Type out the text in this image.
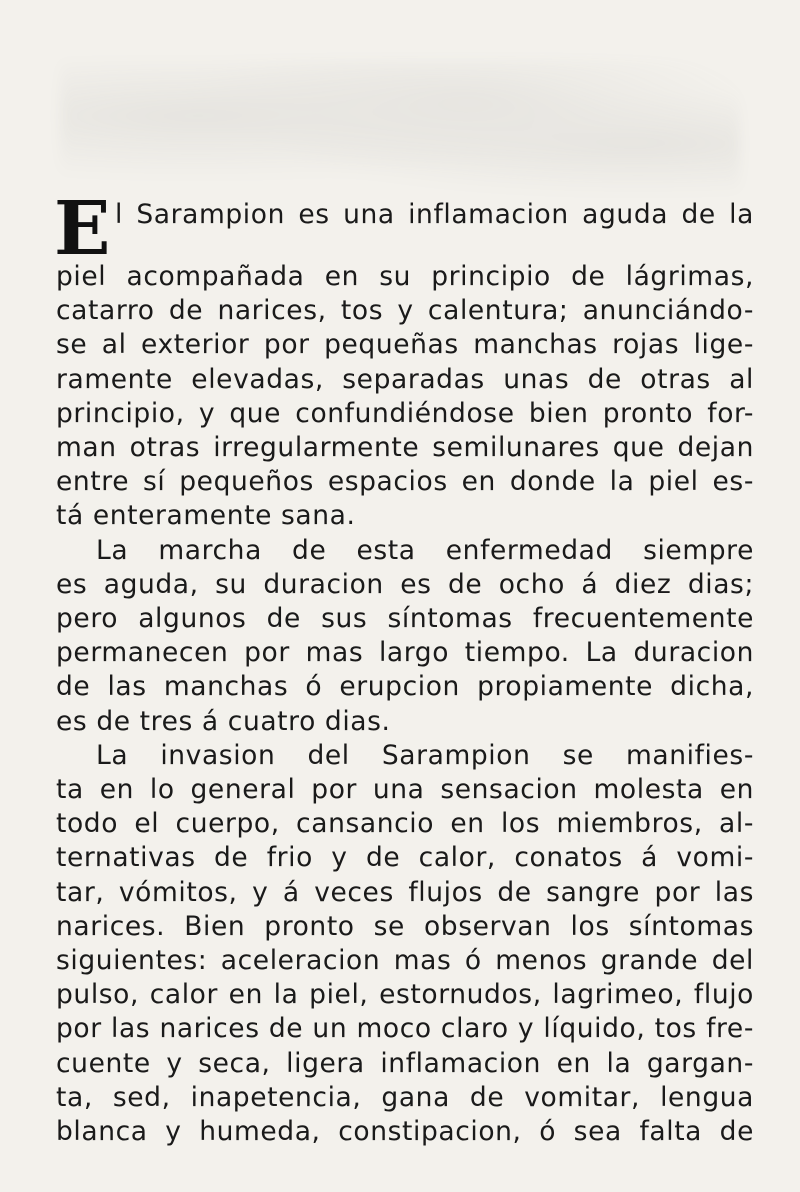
E l Sarampion es una inflamacion aguda de la
piel acompañada en su principio de lágrimas,
catarro de narices, tos y calentura; anunciándo-
se al exterior por pequeñas manchas rojas lige-
ramente elevadas, separadas unas de otras al
principio, y que confundiéndose bien pronto for-
man otras irregularmente semilunares que dejan
entre sí pequeños espacios en donde la piel es-
tá enteramente sana.
La marcha de esta enfermedad siempre
es aguda, su duracion es de ocho á diez dias;
pero algunos de sus síntomas frecuentemente
permanecen por mas largo tiempo. La duracion
de las manchas ó erupcion propiamente dicha,
es de tres á cuatro dias.
La invasion del Sarampion se manifies-
ta en lo general por una sensacion molesta en
todo el cuerpo, cansancio en los miembros, al-
ternativas de frio y de calor, conatos á vomi-
tar, vómitos, y á veces flujos de sangre por las
narices. Bien pronto se observan los síntomas
siguientes: aceleracion mas ó menos grande del
pulso, calor en la piel, estornudos, lagrimeo, flujo
por las narices de un moco claro y líquido, tos fre-
cuente y seca, ligera inflamacion en la gargan-
ta, sed, inapetencia, gana de vomitar, lengua
blanca y humeda, constipacion, ó sea falta de
